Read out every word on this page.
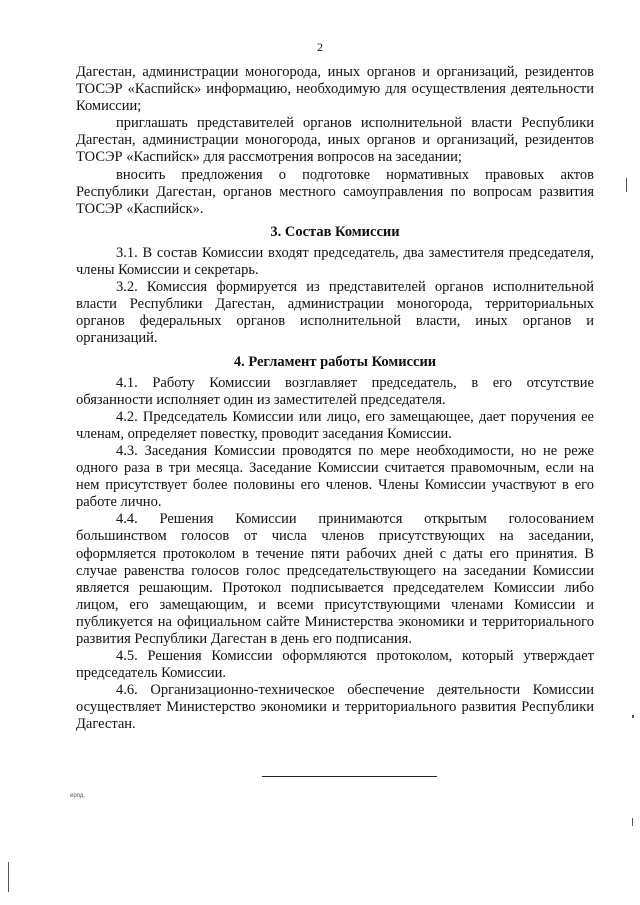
2

Дагестан, администрации моногорода, иных органов и организаций, резидентов ТОСЭР «Каспийск» информацию, необходимую для осуществления деятельности Комиссии;

приглашать представителей органов исполнительной власти Республики Дагестан, администрации моногорода, иных органов и организаций, резидентов ТОСЭР «Каспийск» для рассмотрения вопросов на заседании;

вносить предложения о подготовке нормативных правовых актов Республики Дагестан, органов местного самоуправления по вопросам развития ТОСЭР «Каспийск».

3. Состав Комиссии

3.1. В состав Комиссии входят председатель, два заместителя председателя, члены Комиссии и секретарь.

3.2. Комиссия формируется из представителей органов исполнительной власти Республики Дагестан, администрации моногорода, территориальных органов федеральных органов исполнительной власти, иных органов и организаций.

4. Регламент работы Комиссии

4.1. Работу Комиссии возглавляет председатель, в его отсутствие обязанности исполняет один из заместителей председателя.

4.2. Председатель Комиссии или лицо, его замещающее, дает поручения ее членам, определяет повестку, проводит заседания Комиссии.

4.3. Заседания Комиссии проводятся по мере необходимости, но не реже одного раза в три месяца. Заседание Комиссии считается правомочным, если на нем присутствует более половины его членов. Члены Комиссии участвуют в его работе лично.

4.4. Решения Комиссии принимаются открытым голосованием большинством голосов от числа членов присутствующих на заседании, оформляется протоколом в течение пяти рабочих дней с даты его принятия. В случае равенства голосов голос председательствующего на заседании Комиссии является решающим. Протокол подписывается председателем Комиссии либо лицом, его замещающим, и всеми присутствующими членами Комиссии и публикуется на официальном сайте Министерства экономики и территориального развития Республики Дагестан в день его подписания.

4.5. Решения Комиссии оформляются протоколом, который утверждает председатель Комиссии.

4.6. Организационно-техническое обеспечение деятельности Комиссии осуществляет Министерство экономики и территориального развития Республики Дагестан.

ерпд.
